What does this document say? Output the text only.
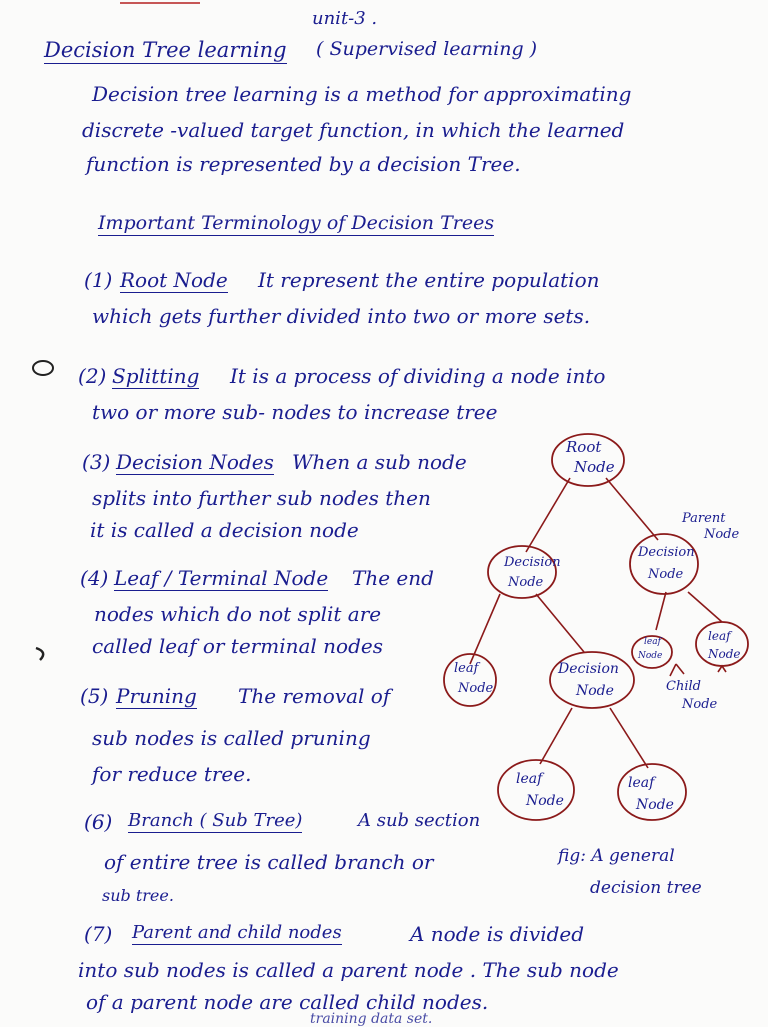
unit-3 .
Decision Tree learning ( Supervised learning )
Decision tree learning is a method for approximating
discrete -valued target function, in which the learned
function is represented by a decision Tree.
Important Terminology of Decision Trees
(1) Root Node It represent the entire population
which gets further divided into two or more sets.
(2) Splitting It is a process of dividing a node into
two or more sub- nodes to increase tree
(3) Decision Nodes When a sub node
splits into further sub nodes then
it is called a decision node
(4) Leaf / Terminal Node The end
nodes which do not split are
called leaf or terminal nodes
(5) Pruning The removal of
sub nodes is called pruning
for reduce tree.
(6) Branch ( Sub Tree)	A sub section
of entire tree is called branch or
sub tree.
(7) Parent and child nodes	A node is divided
into sub nodes is called a parent node . The sub node
of a parent node are called child nodes.
training data set.
Root
Node
Decision
Node
Decision
Node
Parent
Node
leaf
Node
Decision
Node
leaf
Node
leaf
Node
Child
Node
leaf
Node
leaf
Node
fig: A general
decision tree
